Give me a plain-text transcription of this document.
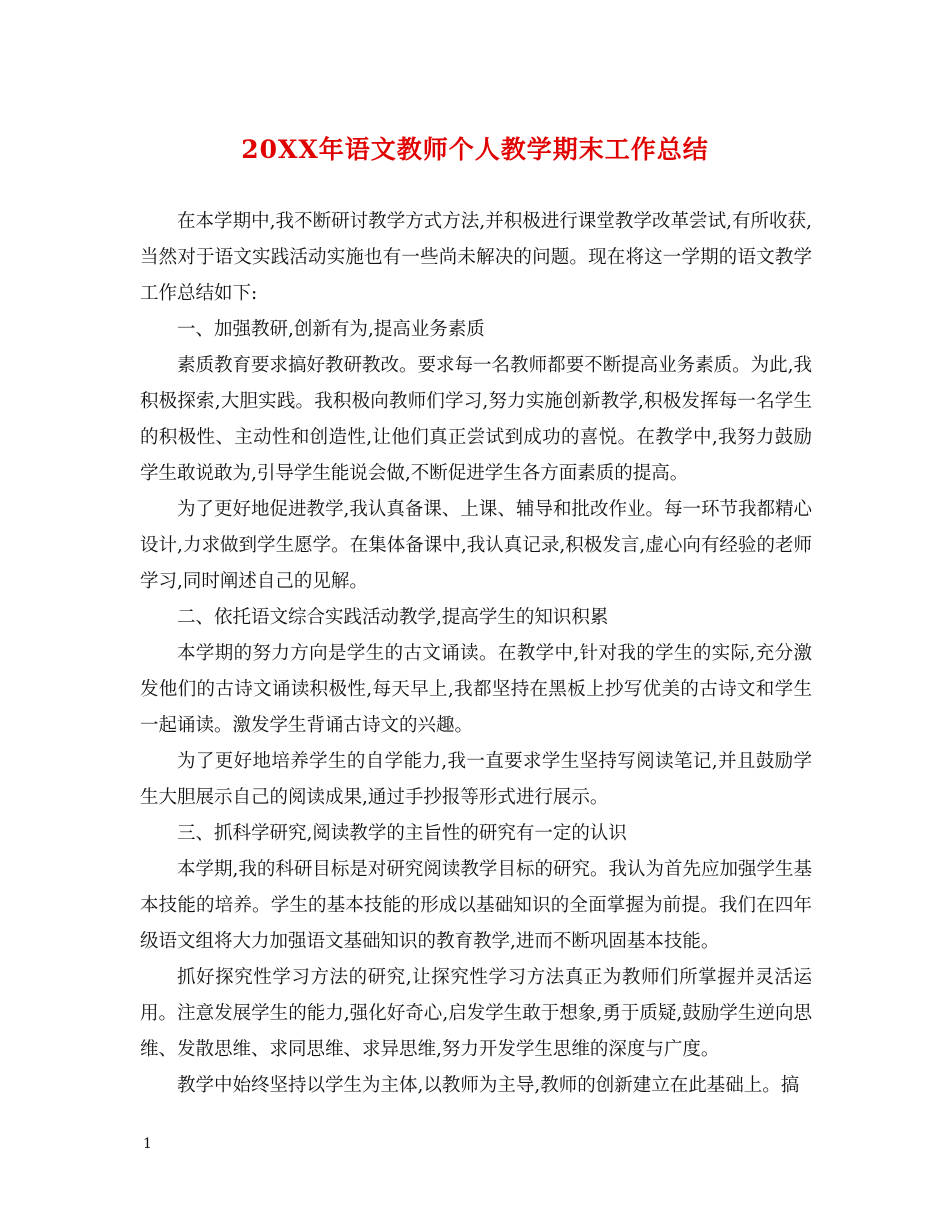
20XX年语文教师个人教学期末工作总结

在本学期中,我不断研讨教学方式方法,并积极进行课堂教学改革尝试,有所收获,当然对于语文实践活动实施也有一些尚未解决的问题。现在将这一学期的语文教学工作总结如下:

一、加强教研,创新有为,提高业务素质

素质教育要求搞好教研教改。要求每一名教师都要不断提高业务素质。为此,我积极探索,大胆实践。我积极向教师们学习,努力实施创新教学,积极发挥每一名学生的积极性、主动性和创造性,让他们真正尝试到成功的喜悦。在教学中,我努力鼓励学生敢说敢为,引导学生能说会做,不断促进学生各方面素质的提高。

为了更好地促进教学,我认真备课、上课、辅导和批改作业。每一环节我都精心设计,力求做到学生愿学。在集体备课中,我认真记录,积极发言,虚心向有经验的老师学习,同时阐述自己的见解。

二、依托语文综合实践活动教学,提高学生的知识积累

本学期的努力方向是学生的古文诵读。在教学中,针对我的学生的实际,充分激发他们的古诗文诵读积极性,每天早上,我都坚持在黑板上抄写优美的古诗文和学生一起诵读。激发学生背诵古诗文的兴趣。

为了更好地培养学生的自学能力,我一直要求学生坚持写阅读笔记,并且鼓励学生大胆展示自己的阅读成果,通过手抄报等形式进行展示。

三、抓科学研究,阅读教学的主旨性的研究有一定的认识

本学期,我的科研目标是对研究阅读教学目标的研究。我认为首先应加强学生基本技能的培养。学生的基本技能的形成以基础知识的全面掌握为前提。我们在四年级语文组将大力加强语文基础知识的教育教学,进而不断巩固基本技能。

抓好探究性学习方法的研究,让探究性学习方法真正为教师们所掌握并灵活运用。注意发展学生的能力,强化好奇心,启发学生敢于想象,勇于质疑,鼓励学生逆向思维、发散思维、求同思维、求异思维,努力开发学生思维的深度与广度。

教学中始终坚持以学生为主体,以教师为主导,教师的创新建立在此基础上。搞

1
